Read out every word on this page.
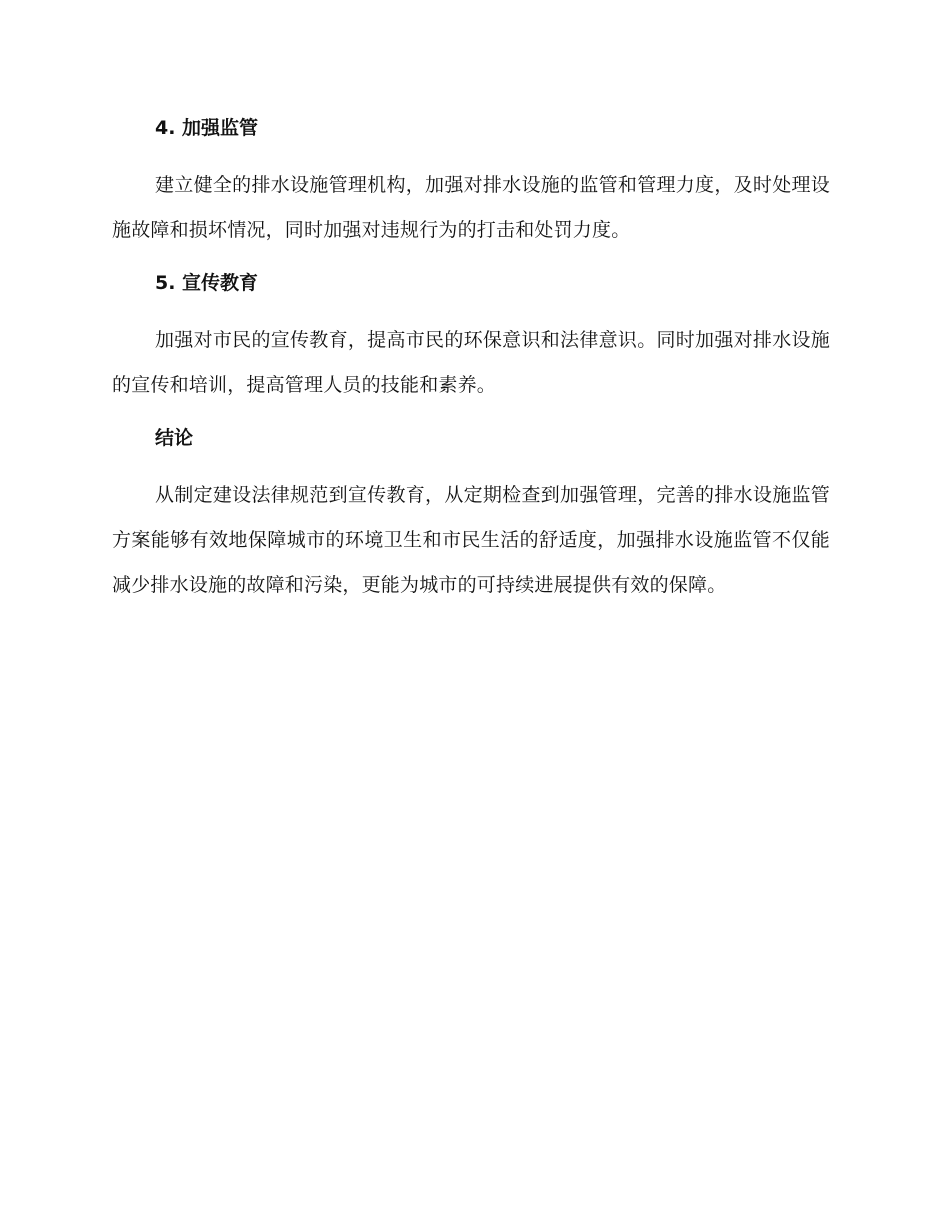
4. 加强监管

建立健全的排水设施管理机构，加强对排水设施的监管和管理力度，及时处理设施故障和损坏情况，同时加强对违规行为的打击和处罚力度。

5. 宣传教育

加强对市民的宣传教育，提高市民的环保意识和法律意识。同时加强对排水设施的宣传和培训，提高管理人员的技能和素养。

结论

从制定建设法律规范到宣传教育，从定期检查到加强管理，完善的排水设施监管方案能够有效地保障城市的环境卫生和市民生活的舒适度，加强排水设施监管不仅能减少排水设施的故障和污染，更能为城市的可持续进展提供有效的保障。
